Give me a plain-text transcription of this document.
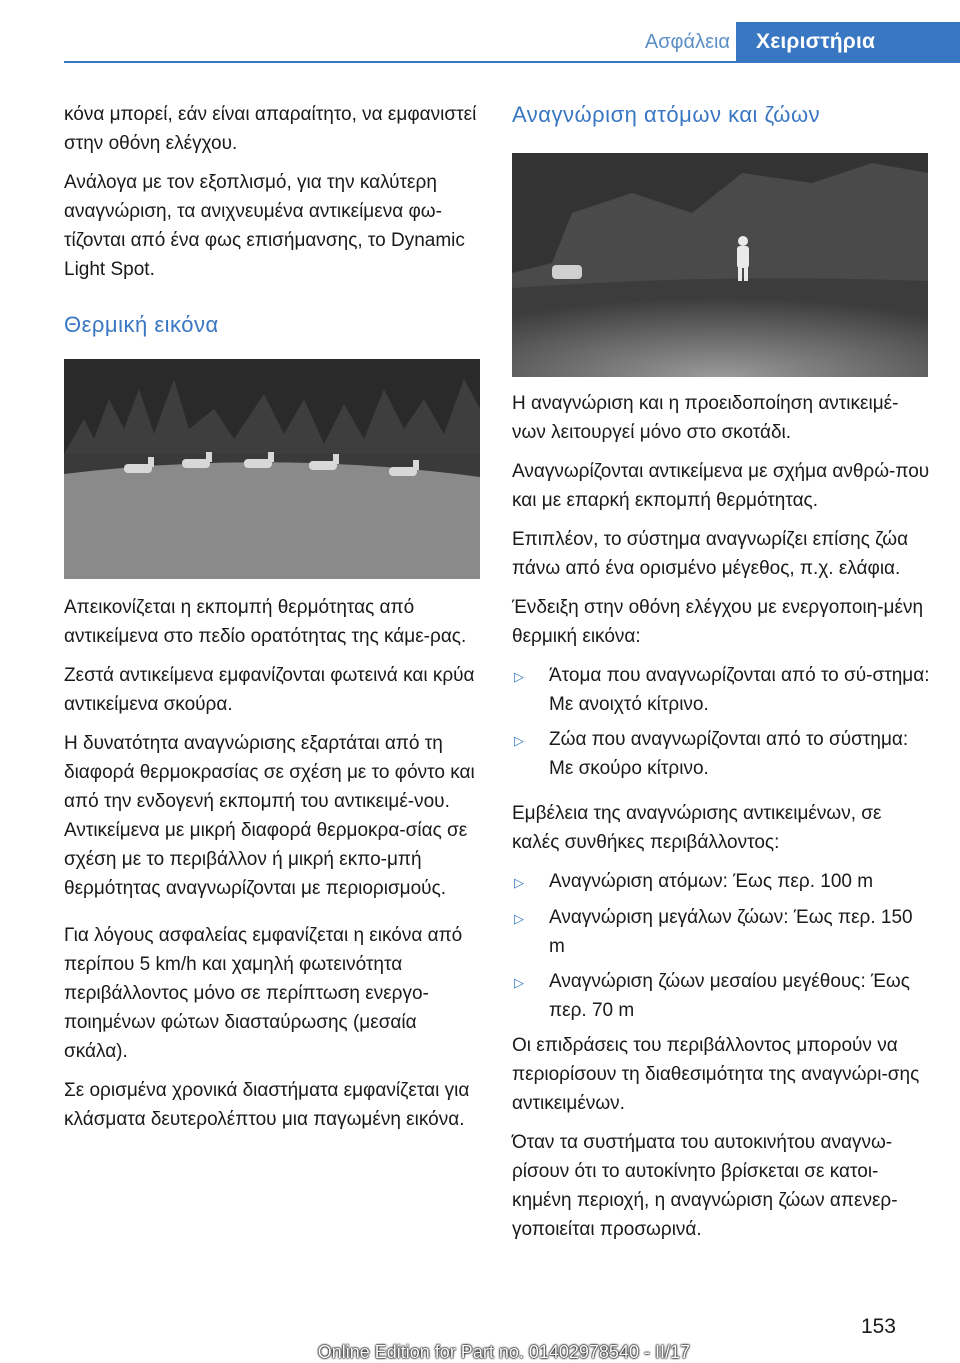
Ασφάλεια	Χειριστήρια

κόνα μπορεί, εάν είναι απαραίτητο, να εμφανιστεί στην οθόνη ελέγχου.

Ανάλογα με τον εξοπλισμό, για την καλύτερη αναγνώριση, τα ανιχνευμένα αντικείμενα φω‐τίζονται από ένα φως επισήμανσης, το Dynamic Light Spot.

Θερμική εικόνα

Απεικονίζεται η εκπομπή θερμότητας από αντικείμενα στο πεδίο ορατότητας της κάμε‐ρας.

Ζεστά αντικείμενα εμφανίζονται φωτεινά και κρύα αντικείμενα σκούρα.

Η δυνατότητα αναγνώρισης εξαρτάται από τη διαφορά θερμοκρασίας σε σχέση με το φόντο και από την ενδογενή εκπομπή του αντικειμέ‐νου. Αντικείμενα με μικρή διαφορά θερμοκρα‐σίας σε σχέση με το περιβάλλον ή μικρή εκπο‐μπή θερμότητας αναγνωρίζονται με περιορισμούς.

Για λόγους ασφαλείας εμφανίζεται η εικόνα από περίπου 5 km/h και χαμηλή φωτεινότητα περιβάλλοντος μόνο σε περίπτωση ενεργο‐ποιημένων φώτων διασταύρωσης (μεσαία σκάλα).

Σε ορισμένα χρονικά διαστήματα εμφανίζεται για κλάσματα δευτερολέπτου μια παγωμένη εικόνα.

Αναγνώριση ατόμων και ζώων

Η αναγνώριση και η προειδοποίηση αντικειμέ‐νων λειτουργεί μόνο στο σκοτάδι.

Αναγνωρίζονται αντικείμενα με σχήμα ανθρώ‐που και με επαρκή εκπομπή θερμότητας.

Επιπλέον, το σύστημα αναγνωρίζει επίσης ζώα πάνω από ένα ορισμένο μέγεθος, π.χ. ελάφια.

Ένδειξη στην οθόνη ελέγχου με ενεργοποιη‐μένη θερμική εικόνα:

▷	Άτομα που αναγνωρίζονται από το σύ‐στημα: Με ανοιχτό κίτρινο.
▷	Ζώα που αναγνωρίζονται από το σύστημα: Με σκούρο κίτρινο.

Εμβέλεια της αναγνώρισης αντικειμένων, σε καλές συνθήκες περιβάλλοντος:

▷	Αναγνώριση ατόμων: Έως περ. 100 m
▷	Αναγνώριση μεγάλων ζώων: Έως περ. 150 m
▷	Αναγνώριση ζώων μεσαίου μεγέθους: Έως περ. 70 m

Οι επιδράσεις του περιβάλλοντος μπορούν να περιορίσουν τη διαθεσιμότητα της αναγνώρι‐σης αντικειμένων.

Όταν τα συστήματα του αυτοκινήτου αναγνω‐ρίσουν ότι το αυτοκίνητο βρίσκεται σε κατοι‐κημένη περιοχή, η αναγνώριση ζώων απενερ‐γοποιείται προσωρινά.

153
Online Edition for Part no. 01402978540 - II/17
